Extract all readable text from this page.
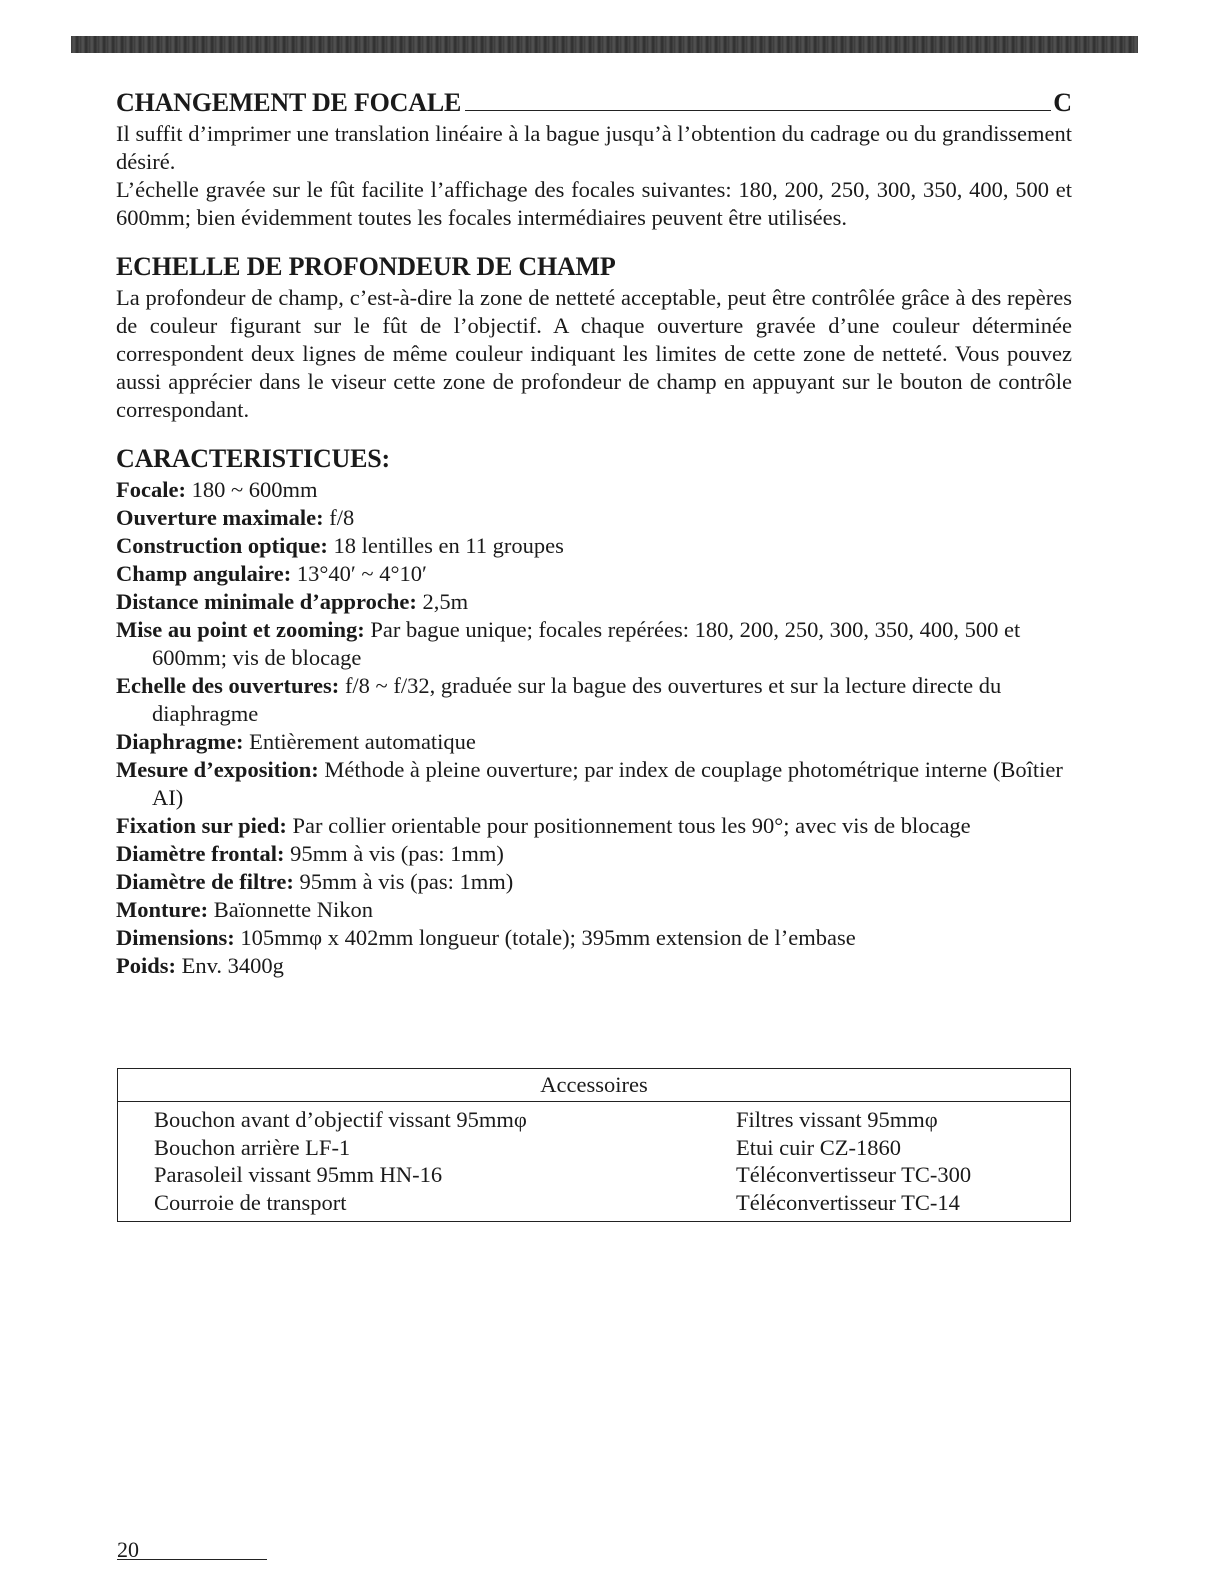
CHANGEMENT DE FOCALE	C

Il suffit d’imprimer une translation linéaire à la bague jusqu’à l’obtention du cadrage ou du grandissement désiré.

L’échelle gravée sur le fût facilite l’affichage des focales suivantes: 180, 200, 250, 300, 350, 400, 500 et 600mm; bien évidemment toutes les focales intermédiaires peuvent être utilisées.

ECHELLE DE PROFONDEUR DE CHAMP

La profondeur de champ, c’est-à-dire la zone de netteté acceptable, peut être contrôlée grâce à des repères de couleur figurant sur le fût de l’objectif. A chaque ouverture gravée d’une couleur déterminée correspondent deux lignes de même couleur indiquant les limites de cette zone de netteté. Vous pouvez aussi apprécier dans le viseur cette zone de profondeur de champ en appuyant sur le bouton de contrôle correspondant.

CARACTERISTICUES:
Focale: 180 ~ 600mm
Ouverture maximale: f/8
Construction optique: 18 lentilles en 11 groupes
Champ angulaire: 13°40′ ~ 4°10′
Distance minimale d’approche: 2,5m
Mise au point et zooming: Par bague unique; focales repérées: 180, 200, 250, 300, 350, 400, 500 et 600mm; vis de blocage
Echelle des ouvertures: f/8 ~ f/32, graduée sur la bague des ouvertures et sur la lecture directe du diaphragme
Diaphragme: Entièrement automatique
Mesure d’exposition: Méthode à pleine ouverture; par index de couplage photométrique interne (Boîtier AI)
Fixation sur pied: Par collier orientable pour positionnement tous les 90°; avec vis de blocage
Diamètre frontal: 95mm à vis (pas: 1mm)
Diamètre de filtre: 95mm à vis (pas: 1mm)
Monture: Baïonnette Nikon
Dimensions: 105mmφ x 402mm longueur (totale); 395mm extension de l’embase
Poids: Env. 3400g
Accessoires
Bouchon avant d’objectif vissant 95mmφ
Bouchon arrière LF-1
Parasoleil vissant 95mm HN-16
Courroie de transport
Filtres vissant 95mmφ
Etui cuir CZ-1860
Téléconvertisseur TC-300
Téléconvertisseur TC-14
20
